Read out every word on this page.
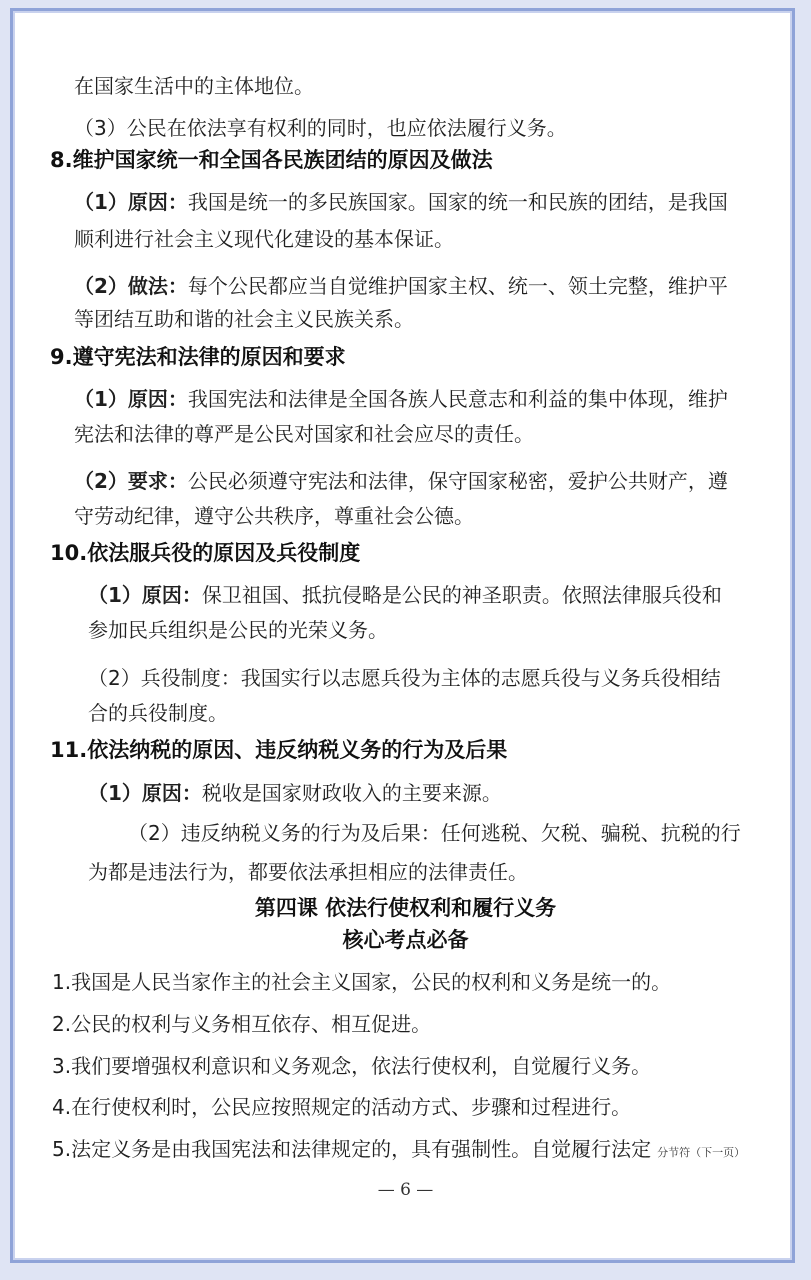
在国家生活中的主体地位。
（3）公民在依法享有权利的同时，也应依法履行义务。
8.维护国家统一和全国各民族团结的原因及做法
（1）原因：我国是统一的多民族国家。国家的统一和民族的团结，是我国
顺利进行社会主义现代化建设的基本保证。
（2）做法：每个公民都应当自觉维护国家主权、统一、领土完整，维护平
等团结互助和谐的社会主义民族关系。
9.遵守宪法和法律的原因和要求
（1）原因：我国宪法和法律是全国各族人民意志和利益的集中体现，维护
宪法和法律的尊严是公民对国家和社会应尽的责任。
（2）要求：公民必须遵守宪法和法律，保守国家秘密，爱护公共财产，遵
守劳动纪律，遵守公共秩序，尊重社会公德。
10.依法服兵役的原因及兵役制度
（1）原因：保卫祖国、抵抗侵略是公民的神圣职责。依照法律服兵役和
参加民兵组织是公民的光荣义务。
（2）兵役制度：我国实行以志愿兵役为主体的志愿兵役与义务兵役相结
合的兵役制度。
11.依法纳税的原因、违反纳税义务的行为及后果
（1）原因：税收是国家财政收入的主要来源。
（2）违反纳税义务的行为及后果：任何逃税、欠税、骗税、抗税的行
为都是违法行为，都要依法承担相应的法律责任。
第四课 依法行使权利和履行义务
核心考点必备
1.我国是人民当家作主的社会主义国家，公民的权利和义务是统一的。
2.公民的权利与义务相互依存、相互促进。
3.我们要增强权利意识和义务观念，依法行使权利，自觉履行义务。
4.在行使权利时，公民应按照规定的活动方式、步骤和过程进行。
5.法定义务是由我国宪法和法律规定的，具有强制性。自觉履行法定 分节符（下一页）
— 6 —
